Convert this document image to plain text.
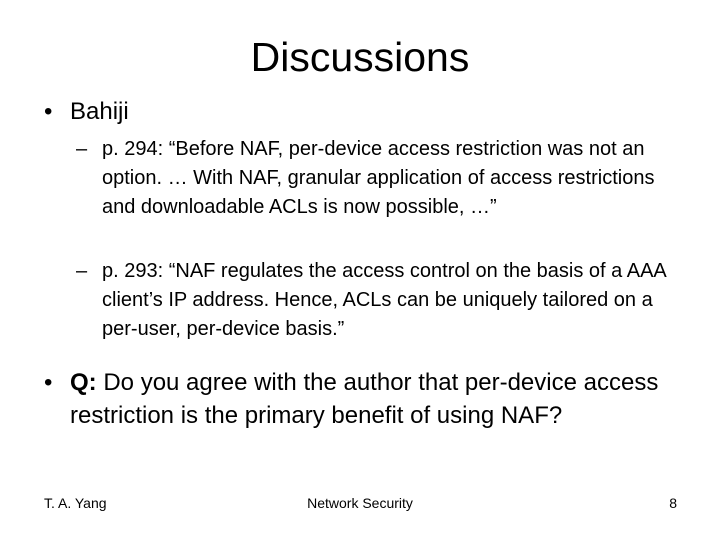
Discussions
• Bahiji
– p. 294: “Before NAF, per-device access restriction was not an option. … With NAF, granular application of access restrictions and downloadable ACLs is now possible, …”
– p. 293: “NAF regulates the access control on the basis of a AAA client’s IP address. Hence, ACLs can be uniquely tailored on a per-user, per-device basis.”
• Q: Do you agree with the author that per-device access restriction is the primary benefit of using NAF?
T. A. Yang	Network Security	8
